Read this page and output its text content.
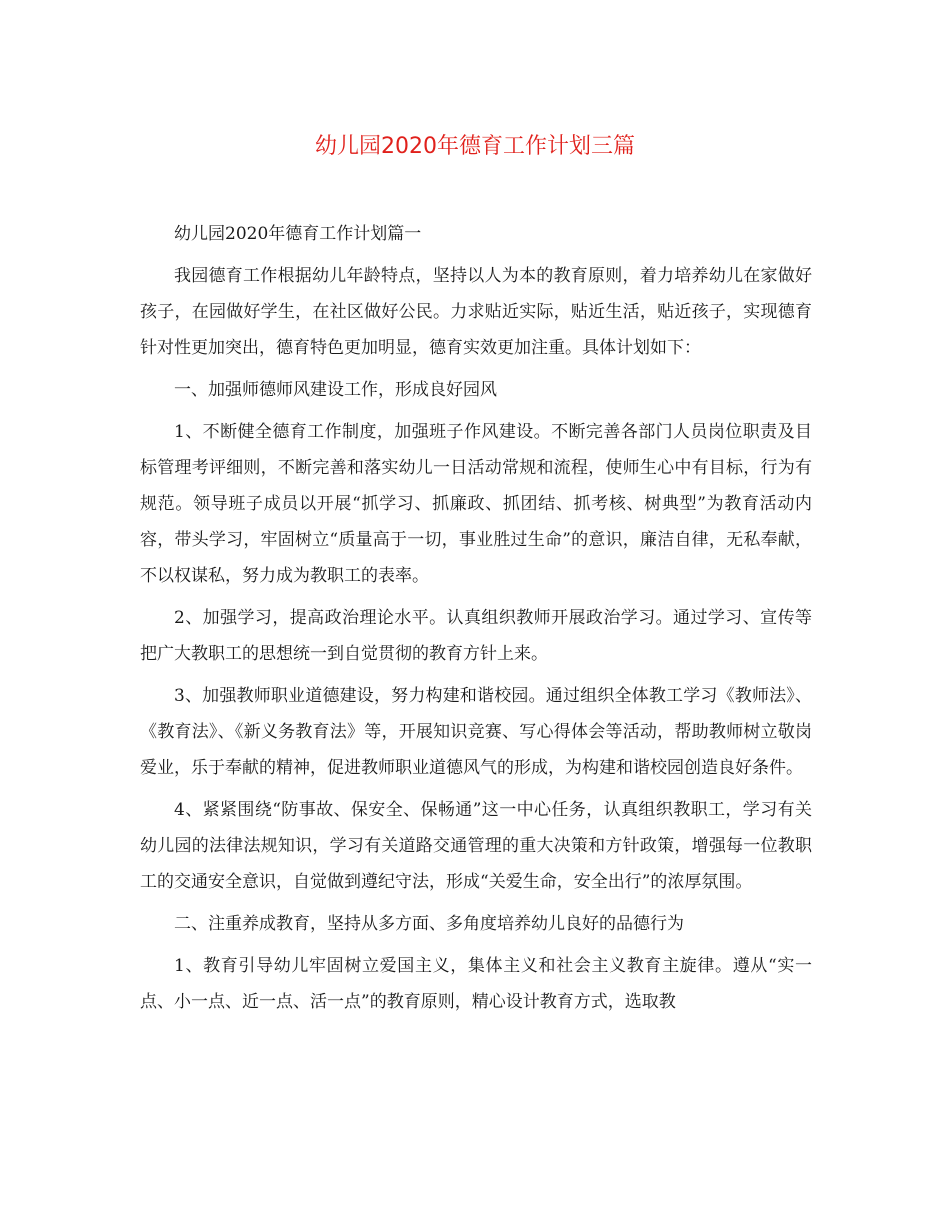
幼儿园2020年德育工作计划三篇

幼儿园2020年德育工作计划篇一

我园德育工作根据幼儿年龄特点，坚持以人为本的教育原则，着力培养幼儿在家做好孩子，在园做好学生，在社区做好公民。力求贴近实际，贴近生活，贴近孩子，实现德育针对性更加突出，德育特色更加明显，德育实效更加注重。具体计划如下：

一、加强师德师风建设工作，形成良好园风

1、不断健全德育工作制度，加强班子作风建设。不断完善各部门人员岗位职责及目标管理考评细则，不断完善和落实幼儿一日活动常规和流程，使师生心中有目标，行为有规范。领导班子成员以开展“抓学习、抓廉政、抓团结、抓考核、树典型”为教育活动内容，带头学习，牢固树立“质量高于一切，事业胜过生命”的意识，廉洁自律，无私奉献，不以权谋私，努力成为教职工的表率。

2、加强学习，提高政治理论水平。认真组织教师开展政治学习。通过学习、宣传等把广大教职工的思想统一到自觉贯彻的教育方针上来。

3、加强教师职业道德建设，努力构建和谐校园。通过组织全体教工学习《教师法》、《教育法》、《新义务教育法》等，开展知识竞赛、写心得体会等活动，帮助教师树立敬岗爱业，乐于奉献的精神，促进教师职业道德风气的形成，为构建和谐校园创造良好条件。

4、紧紧围绕“防事故、保安全、保畅通”这一中心任务，认真组织教职工，学习有关幼儿园的法律法规知识，学习有关道路交通管理的重大决策和方针政策，增强每一位教职工的交通安全意识，自觉做到遵纪守法，形成“关爱生命，安全出行”的浓厚氛围。

二、注重养成教育，坚持从多方面、多角度培养幼儿良好的品德行为

1、教育引导幼儿牢固树立爱国主义，集体主义和社会主义教育主旋律。遵从“实一点、小一点、近一点、活一点”的教育原则，精心设计教育方式，选取教
